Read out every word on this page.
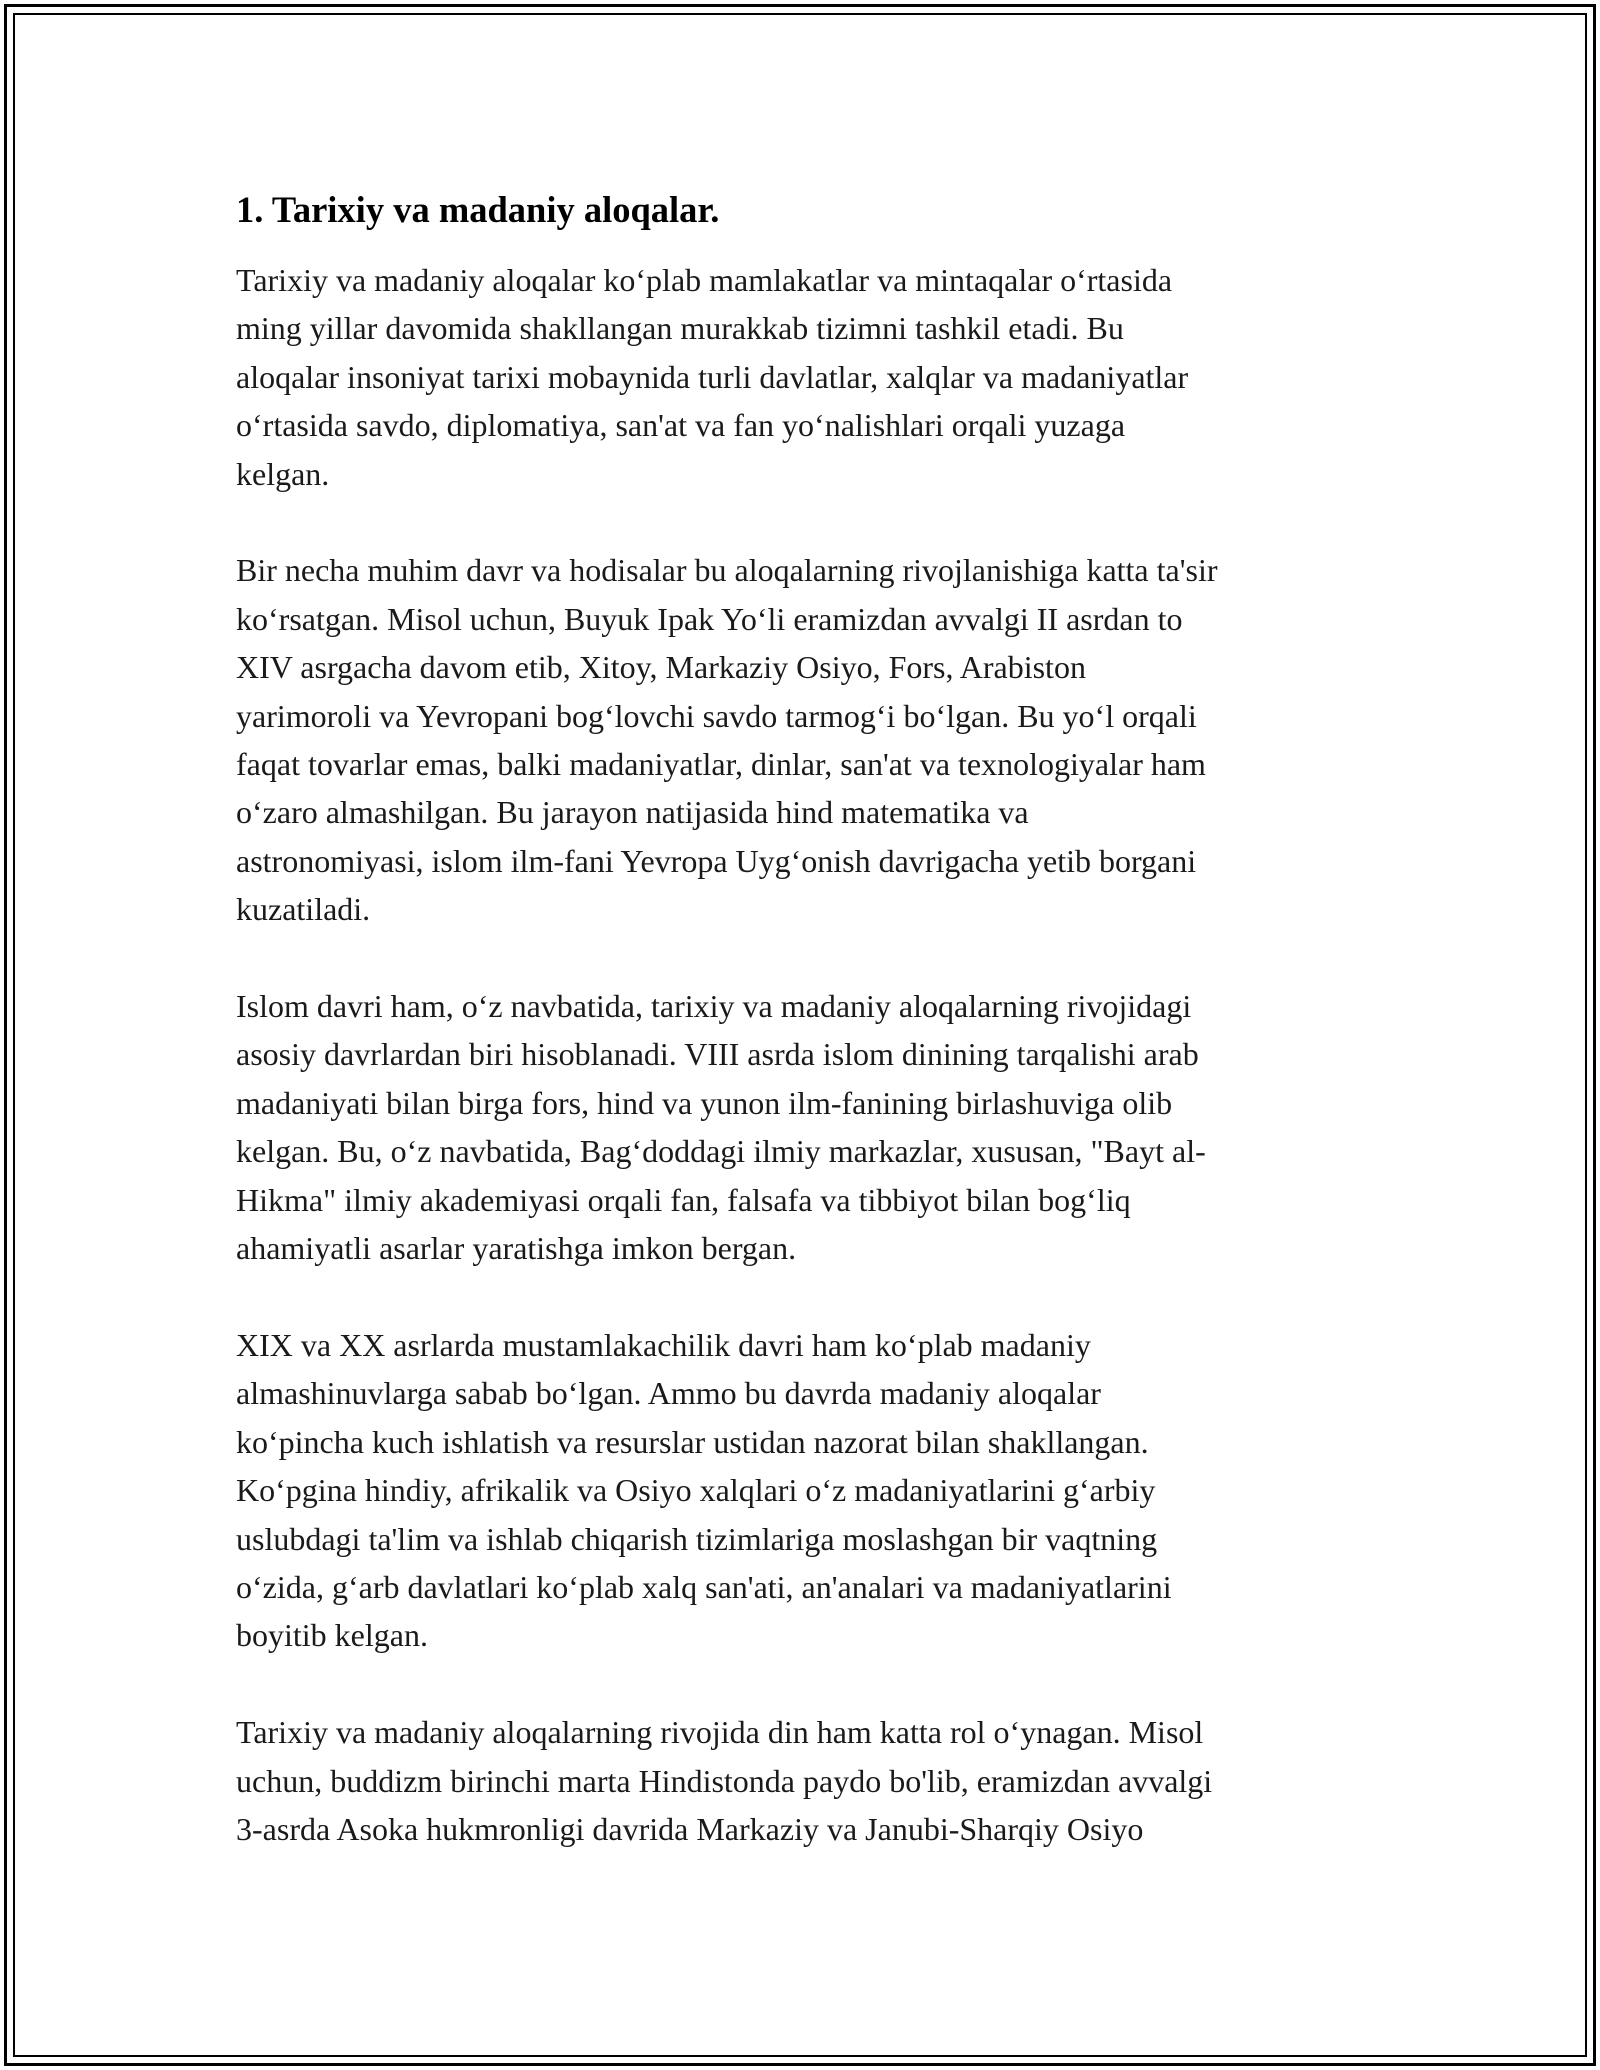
1. Tarixiy va madaniy aloqalar.

Tarixiy va madaniy aloqalar ko‘plab mamlakatlar va mintaqalar o‘rtasida
ming yillar davomida shakllangan murakkab tizimni tashkil etadi. Bu
aloqalar insoniyat tarixi mobaynida turli davlatlar, xalqlar va madaniyatlar
o‘rtasida savdo, diplomatiya, san'at va fan yo‘nalishlari orqali yuzaga
kelgan.

Bir necha muhim davr va hodisalar bu aloqalarning rivojlanishiga katta ta'sir
ko‘rsatgan. Misol uchun, Buyuk Ipak Yo‘li eramizdan avvalgi II asrdan to
XIV asrgacha davom etib, Xitoy, Markaziy Osiyo, Fors, Arabiston
yarimoroli va Yevropani bog‘lovchi savdo tarmog‘i bo‘lgan. Bu yo‘l orqali
faqat tovarlar emas, balki madaniyatlar, dinlar, san'at va texnologiyalar ham
o‘zaro almashilgan. Bu jarayon natijasida hind matematika va
astronomiyasi, islom ilm-fani Yevropa Uyg‘onish davrigacha yetib borgani
kuzatiladi.

Islom davri ham, o‘z navbatida, tarixiy va madaniy aloqalarning rivojidagi
asosiy davrlardan biri hisoblanadi. VIII asrda islom dinining tarqalishi arab
madaniyati bilan birga fors, hind va yunon ilm-fanining birlashuviga olib
kelgan. Bu, o‘z navbatida, Bag‘doddagi ilmiy markazlar, xususan, "Bayt al-
Hikma" ilmiy akademiyasi orqali fan, falsafa va tibbiyot bilan bog‘liq
ahamiyatli asarlar yaratishga imkon bergan.

XIX va XX asrlarda mustamlakachilik davri ham ko‘plab madaniy
almashinuvlarga sabab bo‘lgan. Ammo bu davrda madaniy aloqalar
ko‘pincha kuch ishlatish va resurslar ustidan nazorat bilan shakllangan.
Ko‘pgina hindiy, afrikalik va Osiyo xalqlari o‘z madaniyatlarini g‘arbiy
uslubdagi ta'lim va ishlab chiqarish tizimlariga moslashgan bir vaqtning
o‘zida, g‘arb davlatlari ko‘plab xalq san'ati, an'analari va madaniyatlarini
boyitib kelgan.

Tarixiy va madaniy aloqalarning rivojida din ham katta rol o‘ynagan. Misol
uchun, buddizm birinchi marta Hindistonda paydo bo'lib, eramizdan avvalgi
3-asrda Asoka hukmronligi davrida Markaziy va Janubi-Sharqiy Osiyo
